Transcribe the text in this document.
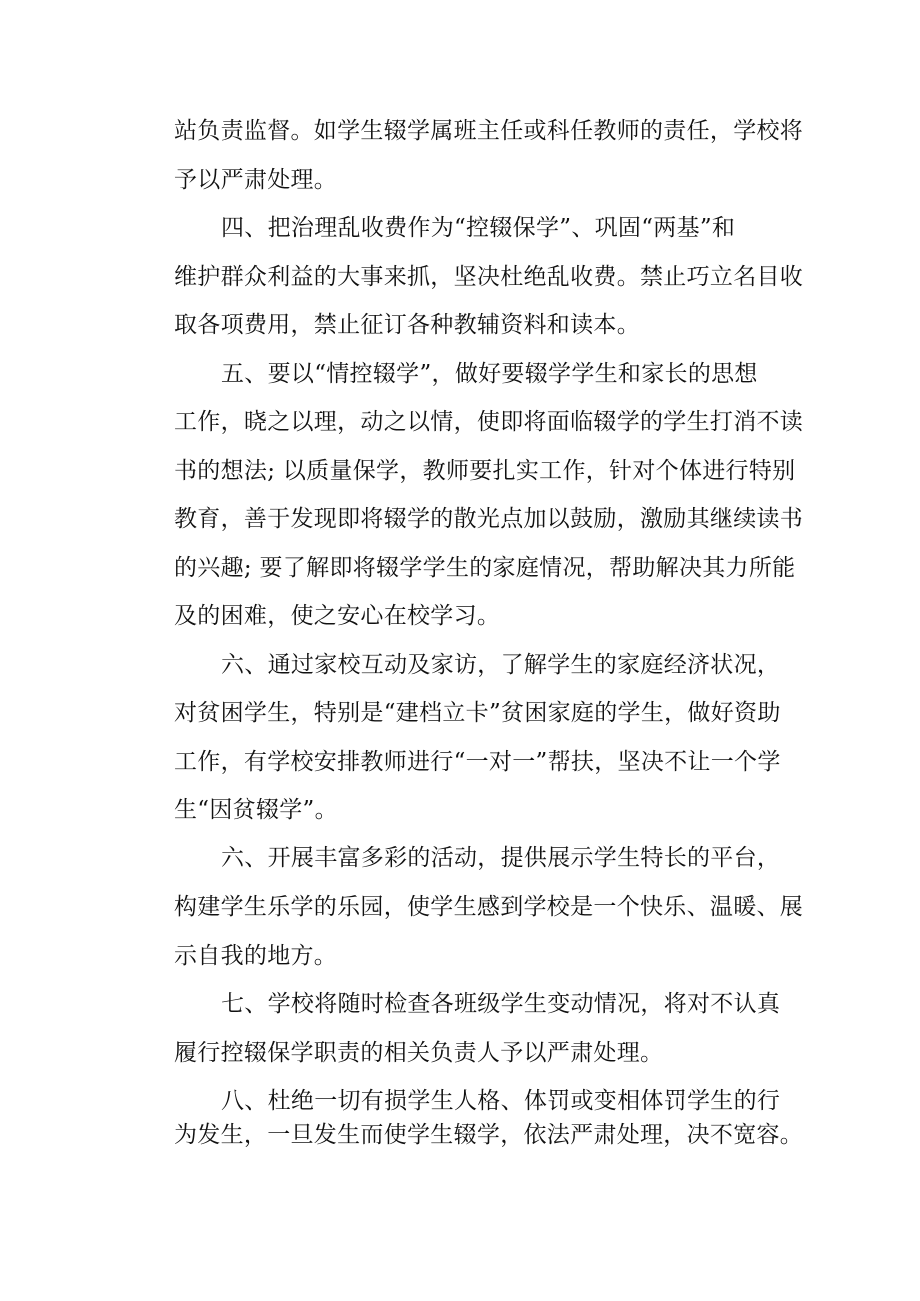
站负责监督。如学生辍学属班主任或科任教师的责任，学校将

予以严肃处理。

四、把治理乱收费作为“控辍保学”、巩固“两基”和

维护群众利益的大事来抓，坚决杜绝乱收费。禁止巧立名目收

取各项费用，禁止征订各种教辅资料和读本。

五、要以“情控辍学”，做好要辍学学生和家长的思想

工作，晓之以理，动之以情，使即将面临辍学的学生打消不读

书的想法; 以质量保学，教师要扎实工作，针对个体进行特别

教育，善于发现即将辍学的散光点加以鼓励，激励其继续读书

的兴趣; 要了解即将辍学学生的家庭情况，帮助解决其力所能

及的困难，使之安心在校学习。

六、通过家校互动及家访，了解学生的家庭经济状况，

对贫困学生，特别是“建档立卡”贫困家庭的学生，做好资助

工作，有学校安排教师进行“一对一”帮扶，坚决不让一个学

生“因贫辍学”。

六、开展丰富多彩的活动，提供展示学生特长的平台，

构建学生乐学的乐园，使学生感到学校是一个快乐、温暖、展

示自我的地方。

七、学校将随时检查各班级学生变动情况，将对不认真

履行控辍保学职责的相关负责人予以严肃处理。

八、杜绝一切有损学生人格、体罚或变相体罚学生的行

为发生，一旦发生而使学生辍学，依法严肃处理，决不宽容。
